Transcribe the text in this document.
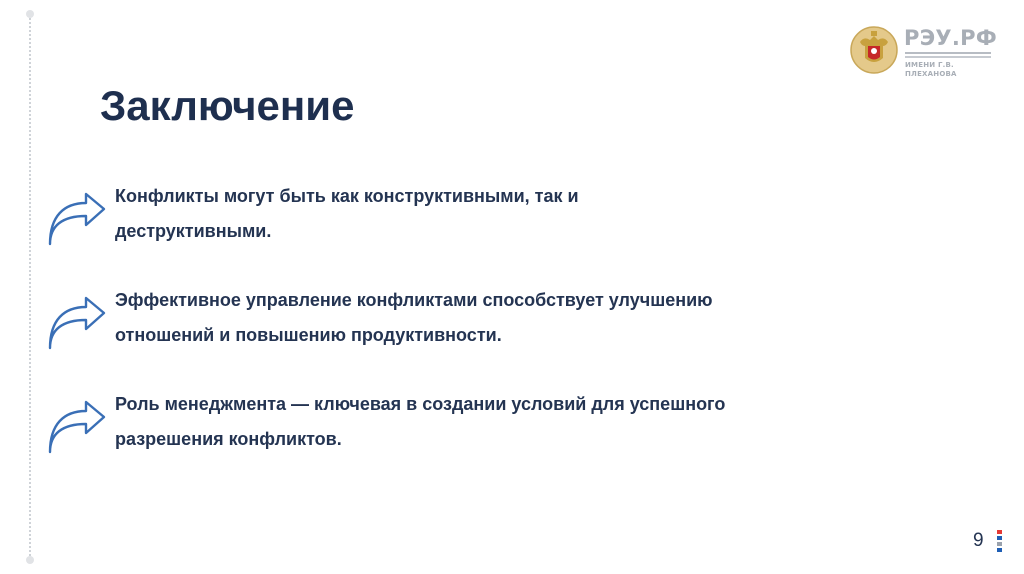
РЭУ.РФ
ИМЕНИ Г.В. ПЛЕХАНОВА
Заключение
Конфликты могут быть как конструктивными, так и
деструктивными.
Эффективное управление конфликтами способствует улучшению
отношений и повышению продуктивности.
Роль менеджмента — ключевая в создании условий для успешного
разрешения конфликтов.
9
